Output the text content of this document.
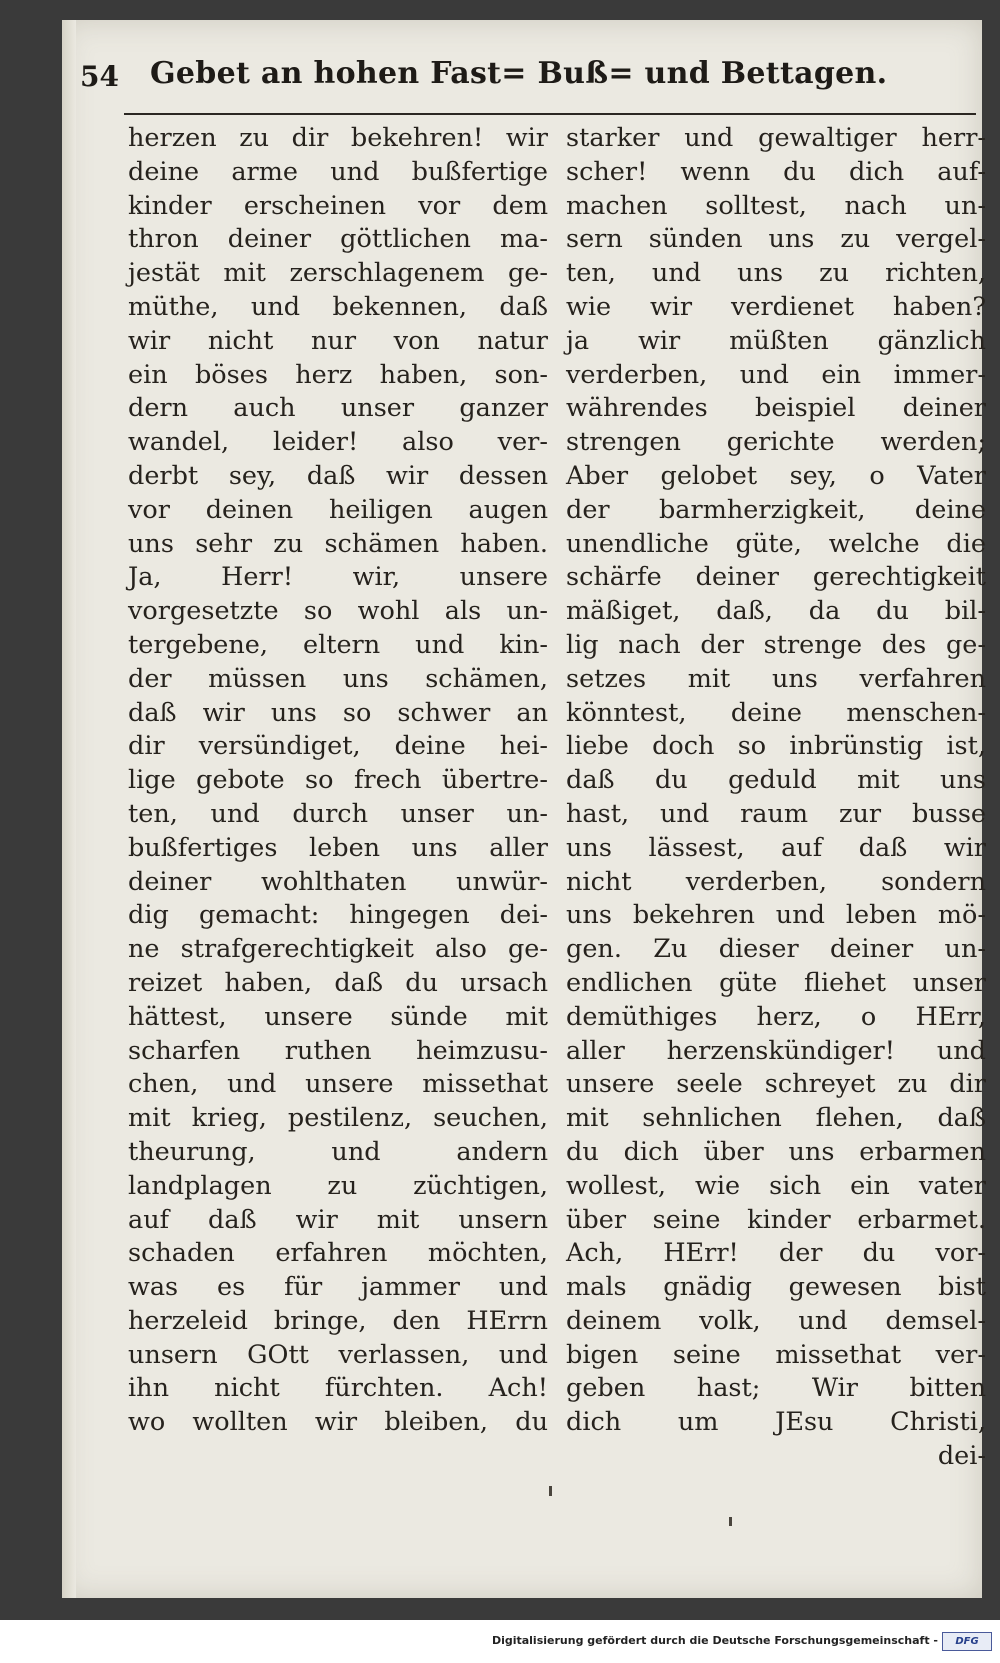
54 Gebet an hohen Fast= Buß= und Bettagen.
herzen zu dir bekehren! wir
deine arme und bußfertige
kinder erscheinen vor dem
thron deiner göttlichen ma-
jestät mit zerschlagenem ge-
müthe, und bekennen, daß
wir nicht nur von natur
ein böses herz haben, son-
dern auch unser ganzer
wandel, leider! also ver-
derbt sey, daß wir dessen
vor deinen heiligen augen
uns sehr zu schämen haben.
Ja, Herr! wir, unsere
vorgesetzte so wohl als un-
tergebene, eltern und kin-
der müssen uns schämen,
daß wir uns so schwer an
dir versündiget, deine hei-
lige gebote so frech übertre-
ten, und durch unser un-
bußfertiges leben uns aller
deiner wohlthaten unwür-
dig gemacht: hingegen dei-
ne strafgerechtigkeit also ge-
reizet haben, daß du ursach
hättest, unsere sünde mit
scharfen ruthen heimzusu-
chen, und unsere missethat
mit krieg, pestilenz, seuchen,
theurung, und andern
landplagen zu züchtigen,
auf daß wir mit unsern
schaden erfahren möchten,
was es für jammer und
herzeleid bringe, den HErrn
unsern GOtt verlassen, und
ihn nicht fürchten. Ach!
wo wollten wir bleiben, du
starker und gewaltiger herr-
scher! wenn du dich auf-
machen solltest, nach un-
sern sünden uns zu vergel-
ten, und uns zu richten,
wie wir verdienet haben?
ja wir müßten gänzlich
verderben, und ein immer-
währendes beispiel deiner
strengen gerichte werden;
Aber gelobet sey, o Vater
der barmherzigkeit, deine
unendliche güte, welche die
schärfe deiner gerechtigkeit
mäßiget, daß, da du bil-
lig nach der strenge des ge-
setzes mit uns verfahren
könntest, deine menschen-
liebe doch so inbrünstig ist,
daß du geduld mit uns
hast, und raum zur busse
uns lässest, auf daß wir
nicht verderben, sondern
uns bekehren und leben mö-
gen. Zu dieser deiner un-
endlichen güte fliehet unser
demüthiges herz, o HErr,
aller herzenskündiger! und
unsere seele schreyet zu dir
mit sehnlichen flehen, daß
du dich über uns erbarmen
wollest, wie sich ein vater
über seine kinder erbarmet.
Ach, HErr! der du vor-
mals gnädig gewesen bist
deinem volk, und demsel-
bigen seine missethat ver-
geben hast; Wir bitten
dich um JEsu Christi,
dei-
Digitalisierung gefördert durch die Deutsche Forschungsgemeinschaft -	DFG
